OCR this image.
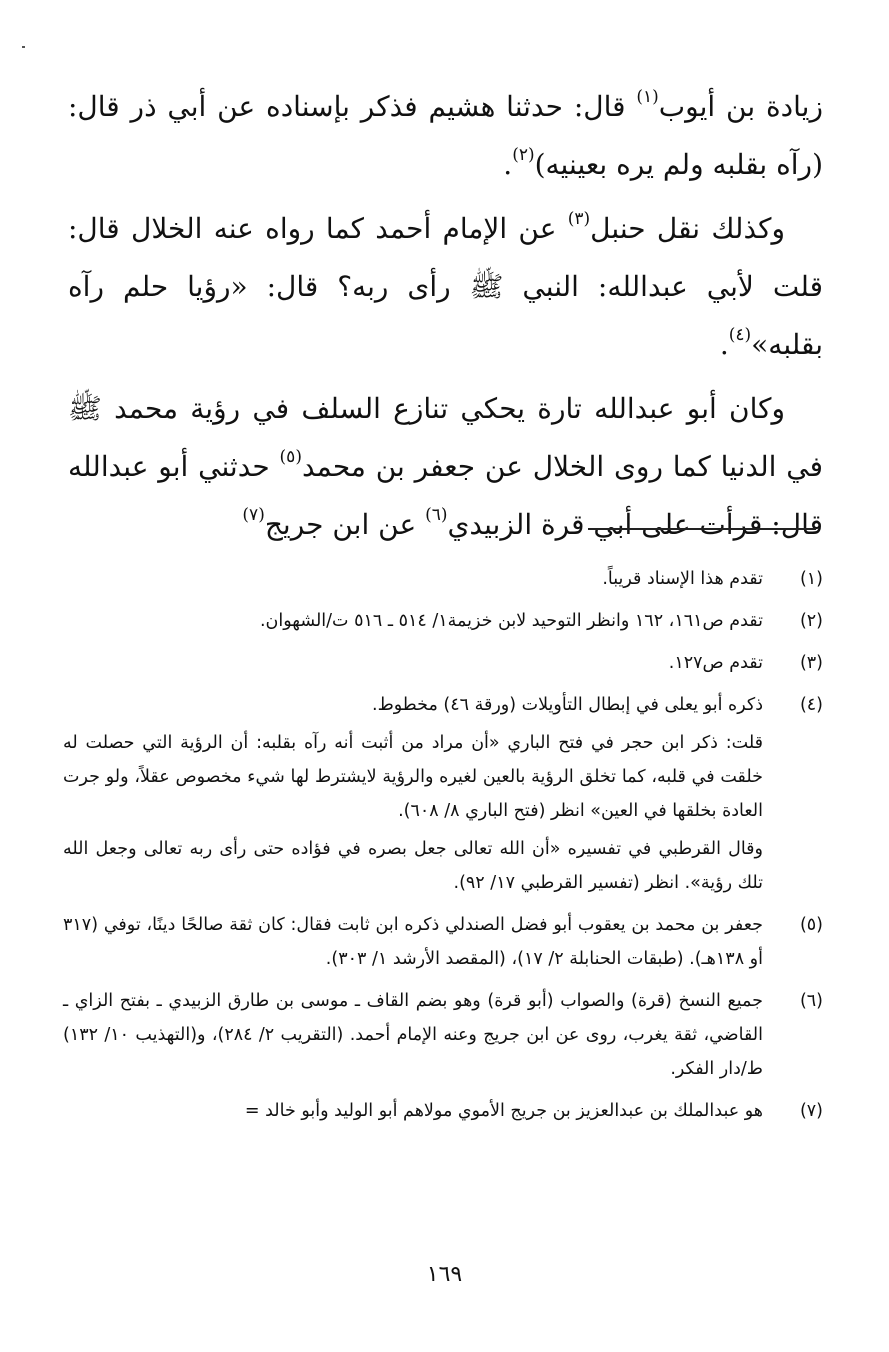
زيادة بن أيوب$^{(١)}$ قال: حدثنا هشيم فذكر بإسناده عن أبي ذر قال: (رآه بقلبه ولم يره بعينيه)$^{(٢)}$.

وكذلك نقل حنبل$^{(٣)}$ عن الإمام أحمد كما رواه عنه الخلال قال: قلت لأبي عبدالله: النبي ﷺ رأى ربه؟ قال: «رؤيا حلم رآه بقلبه»$^{(٤)}$.

وكان أبو عبدالله تارة يحكي تنازع السلف في رؤية محمد ﷺ في الدنيا كما روى الخلال عن جعفر بن محمد$^{(٥)}$ حدثني أبو عبدالله قال: قرأت على أبي قرة الزبيدي$^{(٦)}$ عن ابن جريج$^{(٧)}$

(١)

تقدم هذا الإسناد قريباً.

(٢)

تقدم ص١٦١، ١٦٢ وانظر التوحيد لابن خزيمة١/ ٥١٤ ـ ٥١٦ ت/الشهوان.

(٣)

تقدم ص١٢٧.

(٤)

ذكره أبو يعلى في إبطال التأويلات (ورقة ٤٦) مخطوط.

قلت: ذكر ابن حجر في فتح الباري «أن مراد من أثبت أنه رآه بقلبه: أن الرؤية التي حصلت له خلقت في قلبه، كما تخلق الرؤية بالعين لغيره والرؤية لايشترط لها شيء مخصوص عقلاً، ولو جرت العادة بخلقها في العين» انظر (فتح الباري ٨/ ٦٠٨).

وقال القرطبي في تفسيره «أن الله تعالى جعل بصره في فؤاده حتى رأى ربه تعالى وجعل الله تلك رؤية». انظر (تفسير القرطبي ١٧/ ٩٢).

(٥)

جعفر بن محمد بن يعقوب أبو فضل الصندلي ذكره ابن ثابت فقال: كان ثقة صالحًا دينًا، توفي (٣١٧ أو ١٣٨هـ). (طبقات الحنابلة ٢/ ١٧)، (المقصد الأرشد ١/ ٣٠٣).

(٦)

جميع النسخ (قرة) والصواب (أبو قرة) وهو بضم القاف ـ موسى بن طارق الزبيدي ـ بفتح الزاي ـ القاضي، ثقة يغرب، روى عن ابن جريج وعنه الإمام أحمد. (التقريب ٢/ ٢٨٤)، و(التهذيب ١٠/ ١٣٢) ط/دار الفكر.

(٧)

هو عبدالملك بن عبدالعزيز بن جريج الأموي مولاهم أبو الوليد وأبو خالد =

١٦٩
